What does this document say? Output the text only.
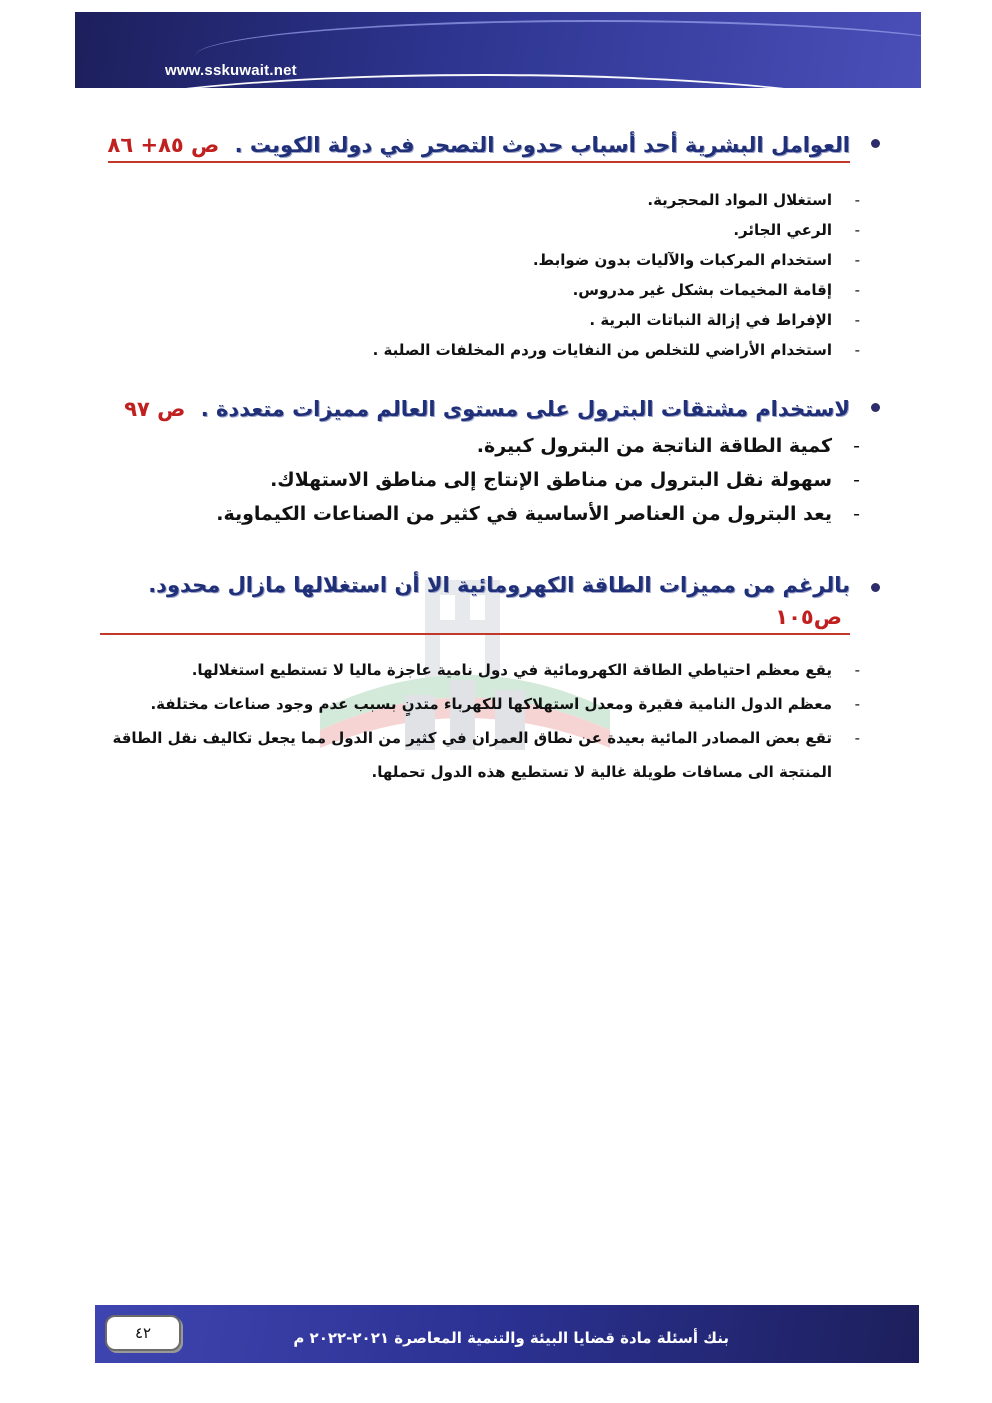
www.sskuwait.net
العوامل البشرية أحد أسباب حدوث التصحر في دولة الكويت . ص ٨٥+ ٨٦
-
استغلال المواد المحجرية.
-
الرعي الجائر.
-
استخدام المركبات والآليات بدون ضوابط.
-
إقامة المخيمات بشكل غير مدروس.
-
الإفراط في إزالة النباتات البرية .
-
استخدام الأراضي للتخلص من النفايات وردم المخلفات الصلبة .
لاستخدام مشتقات البترول على مستوى العالم مميزات متعددة . ص ٩٧
-
كمية الطاقة الناتجة من البترول كبيرة.
-
سهولة نقل البترول من مناطق الإنتاج إلى مناطق الاستهلاك.
-
يعد البترول من العناصر الأساسية في كثير من الصناعات الكيماوية.
بالرغم من مميزات الطاقة الكهرومائية الا أن استغلالها مازال محدود. ص١٠٥
-
يقع معظم احتياطي الطاقة الكهرومائية في دول نامية عاجزة ماليا لا تستطيع استغلالها.
-
معظم الدول النامية فقيرة ومعدل استهلاكها للكهرباء متدنٍ بسبب عدم وجود صناعات مختلفة.
-
تقع بعض المصادر المائية بعيدة عن نطاق العمران في كثير من الدول مما يجعل تكاليف نقل الطاقة المنتجة الى مسافات طويلة غالية لا تستطيع هذه الدول تحملها.
٤٢	بنك أسئلة مادة قضايا البيئة والتنمية المعاصرة ٢٠٢١-٢٠٢٢ م
